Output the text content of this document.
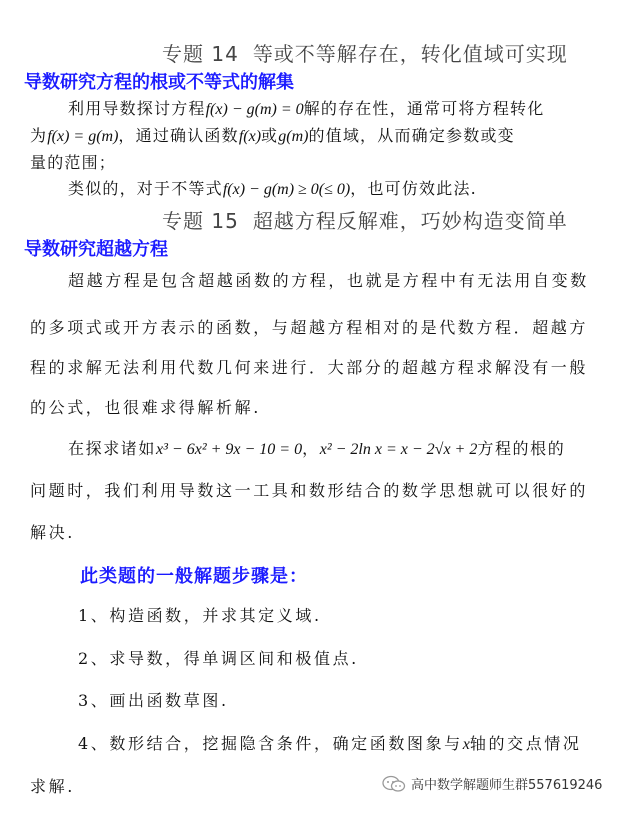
专题 14 等或不等解存在，转化值域可实现
导数研究方程的根或不等式的解集
利用导数探讨方程f(x) − g(m) = 0解的存在性，通常可将方程转化
为f(x) = g(m)，通过确认函数f(x)或g(m)的值域，从而确定参数或变
量的范围；
类似的，对于不等式f(x) − g(m) ≥ 0(≤ 0)，也可仿效此法.
专题 15 超越方程反解难，巧妙构造变简单
导数研究超越方程
超越方程是包含超越函数的方程，也就是方程中有无法用自变数
的多项式或开方表示的函数，与超越方程相对的是代数方程．超越方
程的求解无法利用代数几何来进行．大部分的超越方程求解没有一般
的公式，也很难求得解析解.
在探求诸如x³ − 6x² + 9x − 10 = 0，x² − 2ln x = x − 2√x + 2方程的根的
问题时，我们利用导数这一工具和数形结合的数学思想就可以很好的
解决.
此类题的一般解题步骤是：
1、构造函数，并求其定义域.
2、求导数，得单调区间和极值点.
3、画出函数草图.
4、数形结合，挖掘隐含条件，确定函数图象与x轴的交点情况
求解.	高中数学解题师生群557619246
